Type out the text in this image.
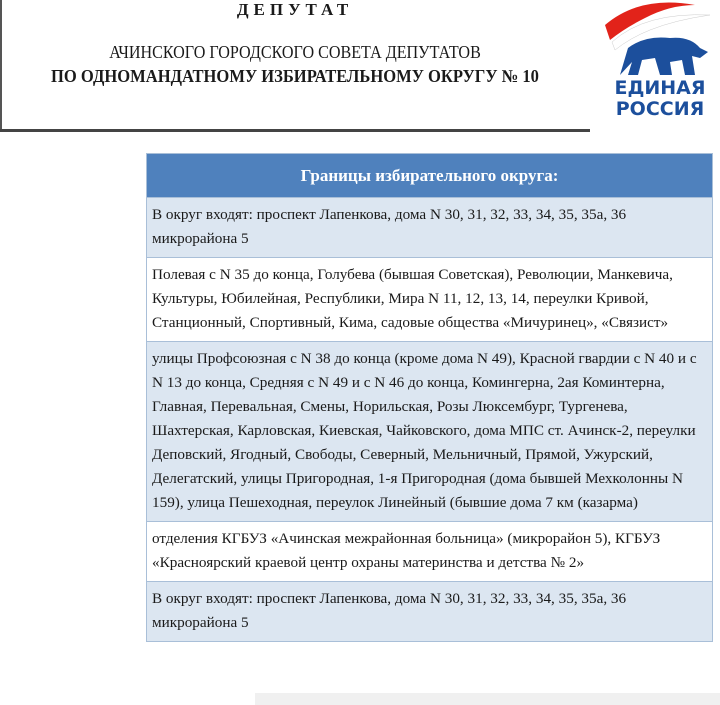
ДЕПУТАТ
АЧИНСКОГО ГОРОДСКОГО СОВЕТА ДЕПУТАТОВ
ПО ОДНОМАНДАТНОМУ ИЗБИРАТЕЛЬНОМУ ОКРУГУ № 10
ЕДИНАЯ
РОССИЯ
Границы избирательного округа:
В округ входят: проспект Лапенкова, дома N 30, 31, 32, 33, 34, 35, 35а, 36 микрорайона 5
Полевая с N 35 до конца, Голубева (бывшая Советская), Революции, Манкевича, Культуры, Юбилейная, Республики, Мира N 11, 12, 13, 14, переулки Кривой, Станционный, Спортивный, Кима, садовые общества «Мичуринец», «Связист»
улицы Профсоюзная с N 38 до конца (кроме дома N 49), Красной гвардии с N 40 и с N 13 до конца, Средняя с N 49 и с N 46 до конца, Комингерна, 2ая Коминтерна, Главная, Перевальная, Смены, Норильская, Розы Люксембург, Тургенева, Шахтерская, Карловская, Киевская, Чайковского, дома МПС ст. Ачинск-2, переулки Деповский, Ягодный, Свободы, Северный, Мельничный, Прямой, Ужурский, Делегатский, улицы Пригородная, 1-я Пригородная (дома бывшей Мехколонны N 159), улица Пешеходная, переулок Линейный (бывшие дома 7 км (казарма)
отделения КГБУЗ «Ачинская межрайонная больница» (микрорайон 5), КГБУЗ «Красноярский краевой центр охраны материнства и детства № 2»
В округ входят: проспект Лапенкова, дома N 30, 31, 32, 33, 34, 35, 35а, 36 микрорайона 5
